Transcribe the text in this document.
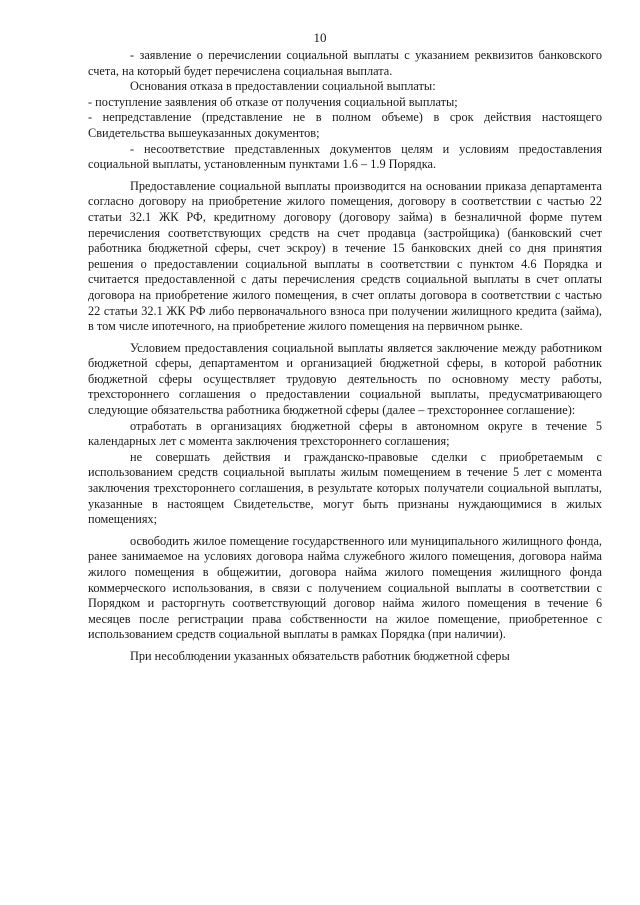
10

- заявление о перечислении социальной выплаты с указанием реквизитов банковского счета, на который будет перечислена социальная выплата.

Основания отказа в предоставлении социальной выплаты:

- поступление заявления об отказе от получения социальной выплаты;

- непредставление (представление не в полном объеме) в срок действия настоящего Свидетельства вышеуказанных документов;

- несоответствие представленных документов целям и условиям предоставления социальной выплаты, установленным пунктами 1.6 – 1.9 Порядка.

Предоставление социальной выплаты производится на основании приказа департамента согласно договору на приобретение жилого помещения, договору в соответствии с частью 22 статьи 32.1 ЖК РФ, кредитному договору (договору займа) в безналичной форме путем перечисления соответствующих средств на счет продавца (застройщика) (банковский счет работника бюджетной сферы, счет эскроу) в течение 15 банковских дней со дня принятия решения о предоставлении социальной выплаты в соответствии с пунктом 4.6 Порядка и считается предоставленной с даты перечисления средств социальной выплаты в счет оплаты договора на приобретение жилого помещения, в счет оплаты договора в соответствии с частью 22 статьи 32.1 ЖК РФ либо первоначального взноса при получении жилищного кредита (займа), в том числе ипотечного, на приобретение жилого помещения на первичном рынке.

Условием предоставления социальной выплаты является заключение между работником бюджетной сферы, департаментом и организацией бюджетной сферы, в которой работник бюджетной сферы осуществляет трудовую деятельность по основному месту работы, трехстороннего соглашения о предоставлении социальной выплаты, предусматривающего следующие обязательства работника бюджетной сферы (далее – трехстороннее соглашение):

отработать в организациях бюджетной сферы в автономном округе в течение 5 календарных лет с момента заключения трехстороннего соглашения;

не совершать действия и гражданско-правовые сделки с приобретаемым с использованием средств социальной выплаты жилым помещением в течение 5 лет с момента заключения трехстороннего соглашения, в результате которых получатели социальной выплаты, указанные в настоящем Свидетельстве, могут быть признаны нуждающимися в жилых помещениях;

освободить жилое помещение государственного или муниципального жилищного фонда, ранее занимаемое на условиях договора найма служебного жилого помещения, договора найма жилого помещения в общежитии, договора найма жилого помещения жилищного фонда коммерческого использования, в связи с получением социальной выплаты в соответствии с Порядком и расторгнуть соответствующий договор найма жилого помещения в течение 6 месяцев после регистрации права собственности на жилое помещение, приобретенное с использованием средств социальной выплаты в рамках Порядка (при наличии).

При несоблюдении указанных обязательств работник бюджетной сферы
